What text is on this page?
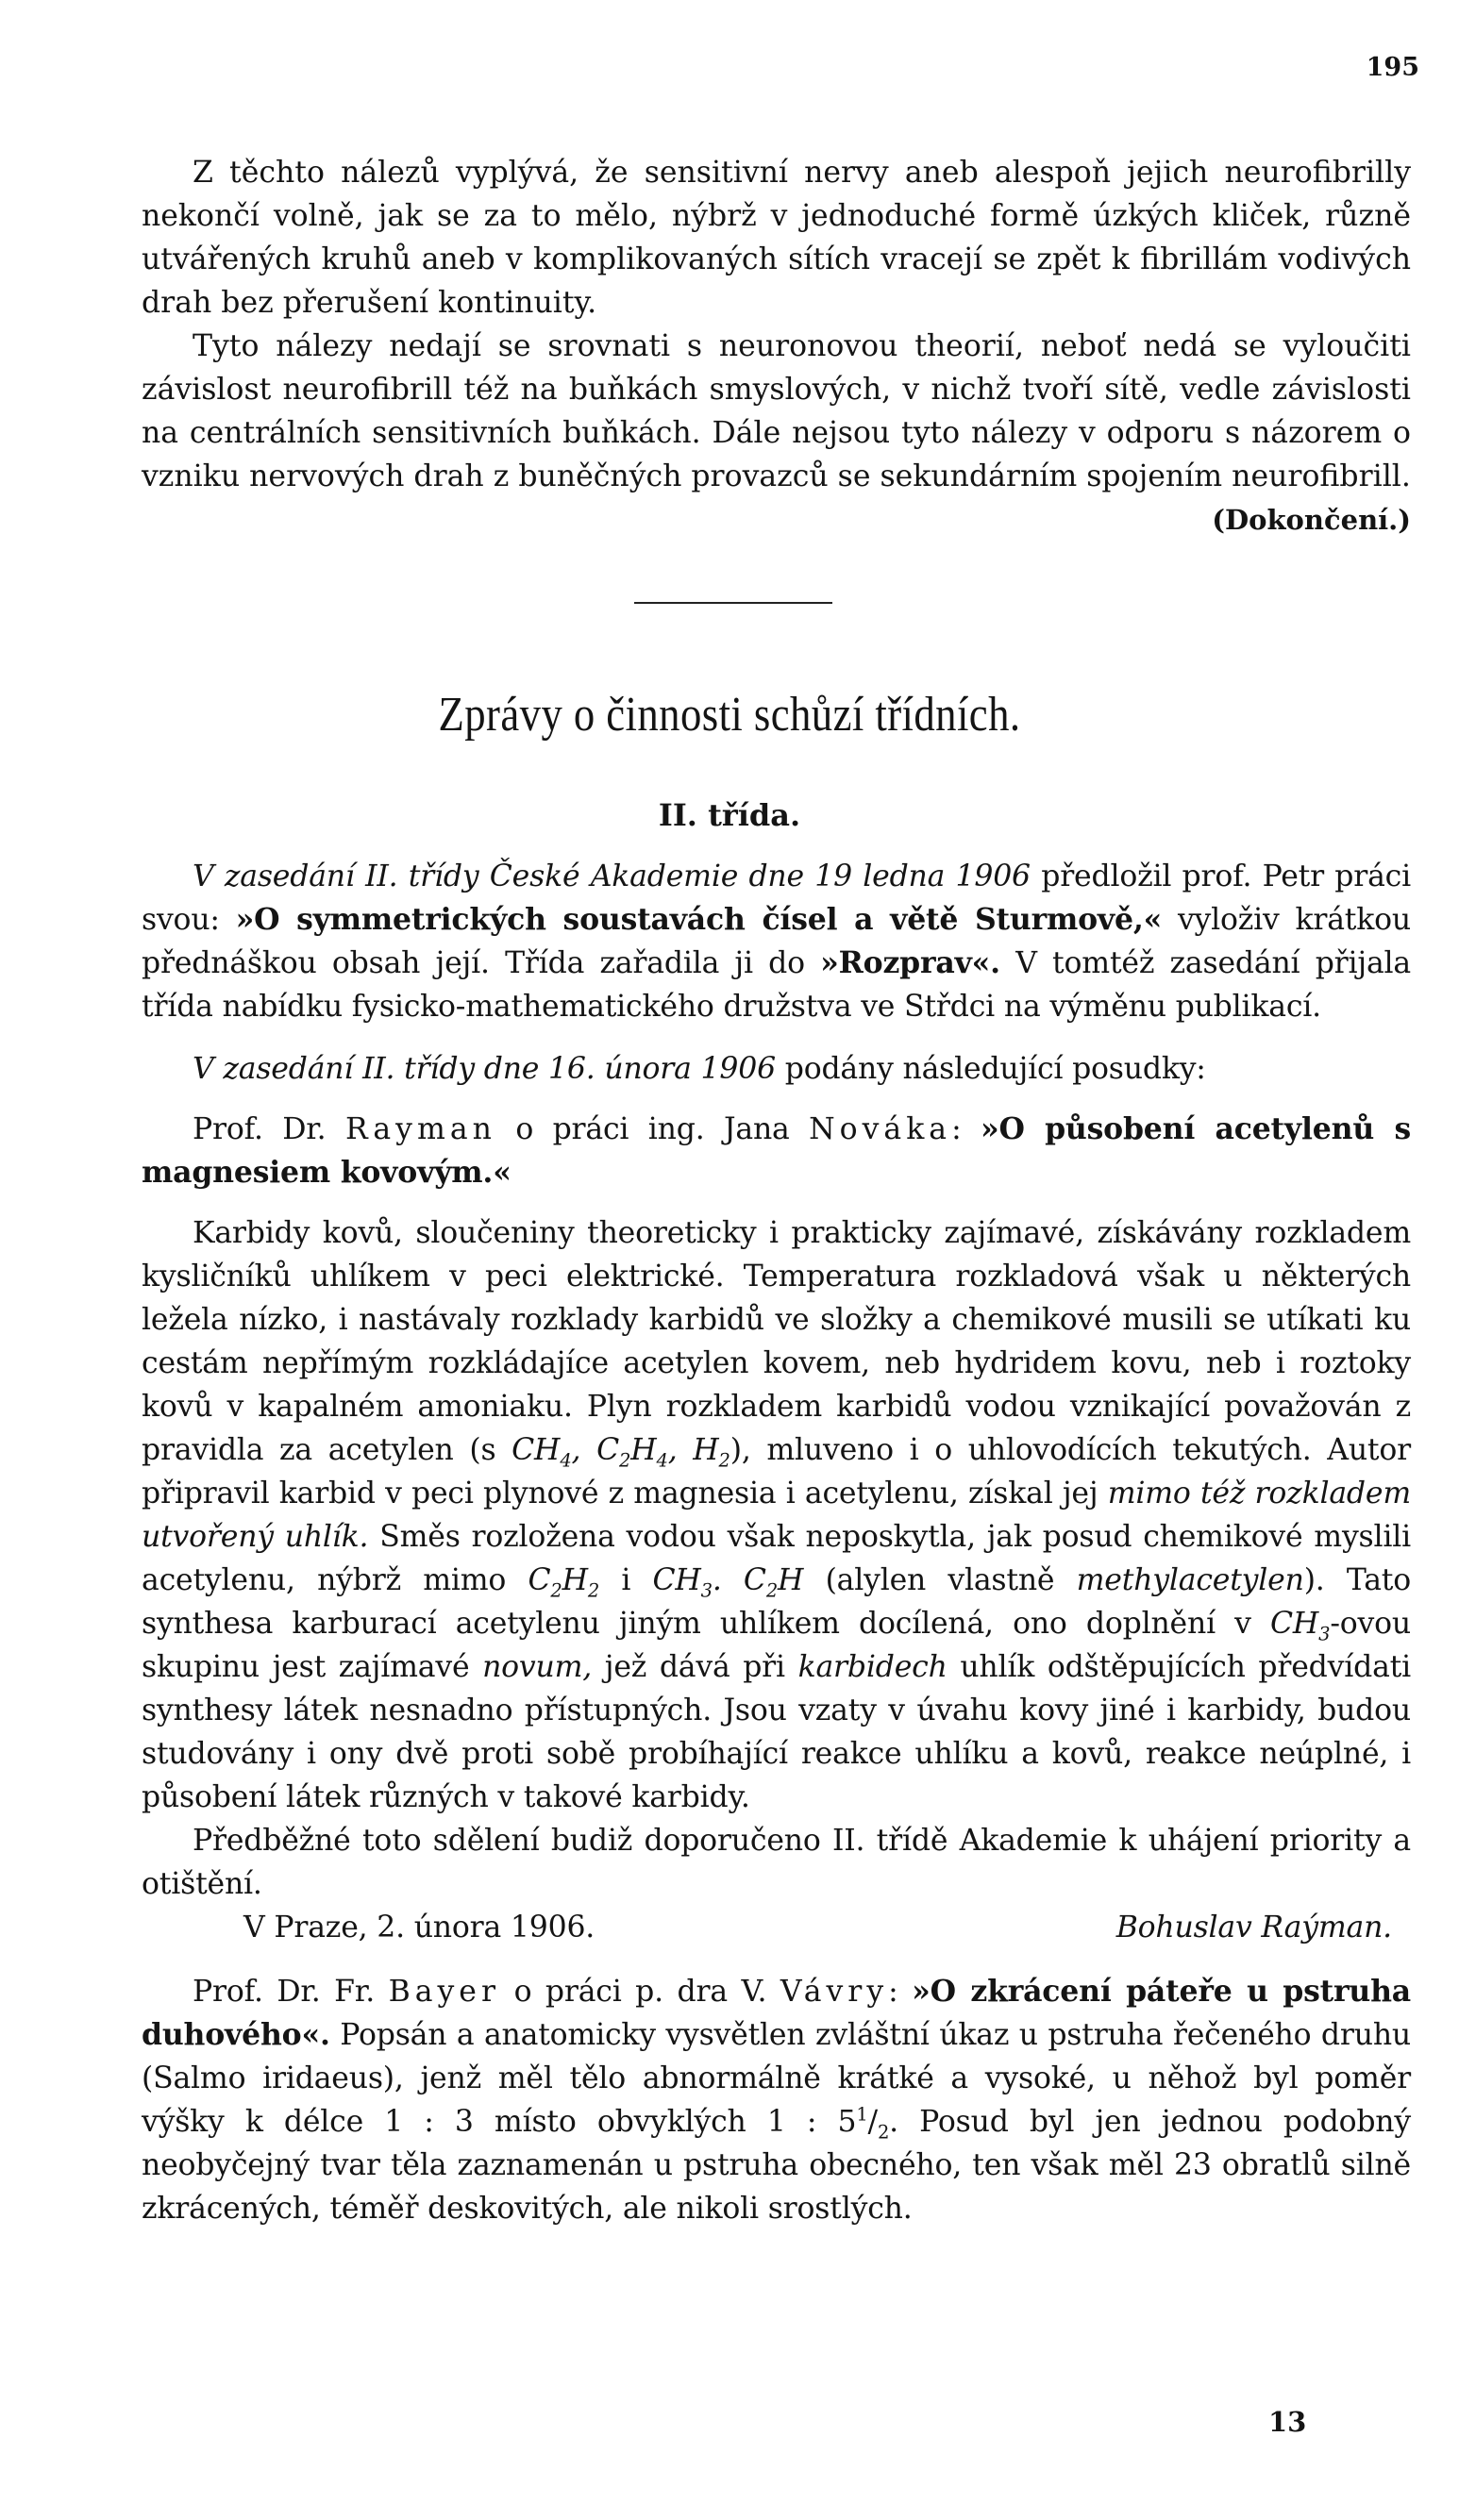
195

Z těchto nálezů vyplývá, že sensitivní nervy aneb alespoň jejich neurofibrilly nekončí volně, jak se za to mělo, nýbrž v jednoduché formě úzkých kliček, různě utvářených kruhů aneb v komplikovaných sítích vracejí se zpět k fibrillám vodivých drah bez přerušení kontinuity.

Tyto nálezy nedají se srovnati s neuronovou theorií, neboť nedá se vyloučiti závislost neurofibrill též na buňkách smyslových, v nichž tvoří sítě, vedle závislosti na centrálních sensitivních buňkách. Dále nejsou tyto nálezy v odporu s názorem o vzniku nervových drah z buněčných provazců se sekundárním spojením neurofibrill.
(Dokončení.)

Zprávy o činnosti schůzí třídních.
II. třída.

V zasedání II. třídy České Akademie dne 19 ledna 1906 předložil prof. Petr práci svou: »O symmetrických soustavách čísel a větě Sturmově,« vyloživ krátkou přednáškou obsah její. Třída zařadila ji do »Rozprav«. V tomtéž zasedání přijala třída nabídku fysicko-mathematického družstva ve Střdci na výměnu publikací.

V zasedání II. třídy dne 16. února 1906 podány následující posudky:

Prof. Dr. Rayman o práci ing. Jana Nováka: »O působení acetylenů s magnesiem kovovým.«

Karbidy kovů, sloučeniny theoreticky i prakticky zajímavé, získávány rozkladem kysličníků uhlíkem v peci elektrické. Temperatura rozkladová však u některých ležela nízko, i nastávaly rozklady karbidů ve složky a chemikové musili se utíkati ku cestám nepřímým rozkládajíce acetylen kovem, neb hydridem kovu, neb i roztoky kovů v kapalném amoniaku. Plyn rozkladem karbidů vodou vznikající považován z pravidla za acetylen (s $CH_4$, $C_2H_4$, $H_2$), mluveno i o uhlovodících tekutých. Autor připravil karbid v peci plynové z magnesia i acetylenu, získal jej mimo též rozkladem utvořený uhlík. Směs rozložena vodou však neposkytla, jak posud chemikové myslili acetylenu, nýbrž mimo $C_2H_2$ i $CH_3$. $C_2H$ (alylen vlastně methylacetylen). Tato synthesa karburací acetylenu jiným uhlíkem docílená, ono doplnění v $CH_3$-ovou skupinu jest zajímavé novum, jež dává při karbidech uhlík odštěpujících předvídati synthesy látek nesnadno přístupných. Jsou vzaty v úvahu kovy jiné i karbidy, budou studovány i ony dvě proti sobě probíhající reakce uhlíku a kovů, reakce neúplné, i působení látek různých v takové karbidy.

Předběžné toto sdělení budiž doporučeno II. třídě Akademie k uhájení priority a otištění.

V Praze, 2. února 1906.	Bohuslav Raýman.

Prof. Dr. Fr. Bayer o práci p. dra V. Vávry: »O zkrácení páteře u pstruha duhového«. Popsán a anatomicky vysvětlen zvláštní úkaz u pstruha řečeného druhu (Salmo iridaeus), jenž měl tělo abnormálně krátké a vysoké, u něhož byl poměr výšky k délce 1 : 3 místo obvyklých 1 : $5^1/_2$. Posud byl jen jednou podobný neobyčejný tvar těla zaznamenán u pstruha obecného, ten však měl 23 obratlů silně zkrácených, téměř deskovitých, ale nikoli srostlých.

13
